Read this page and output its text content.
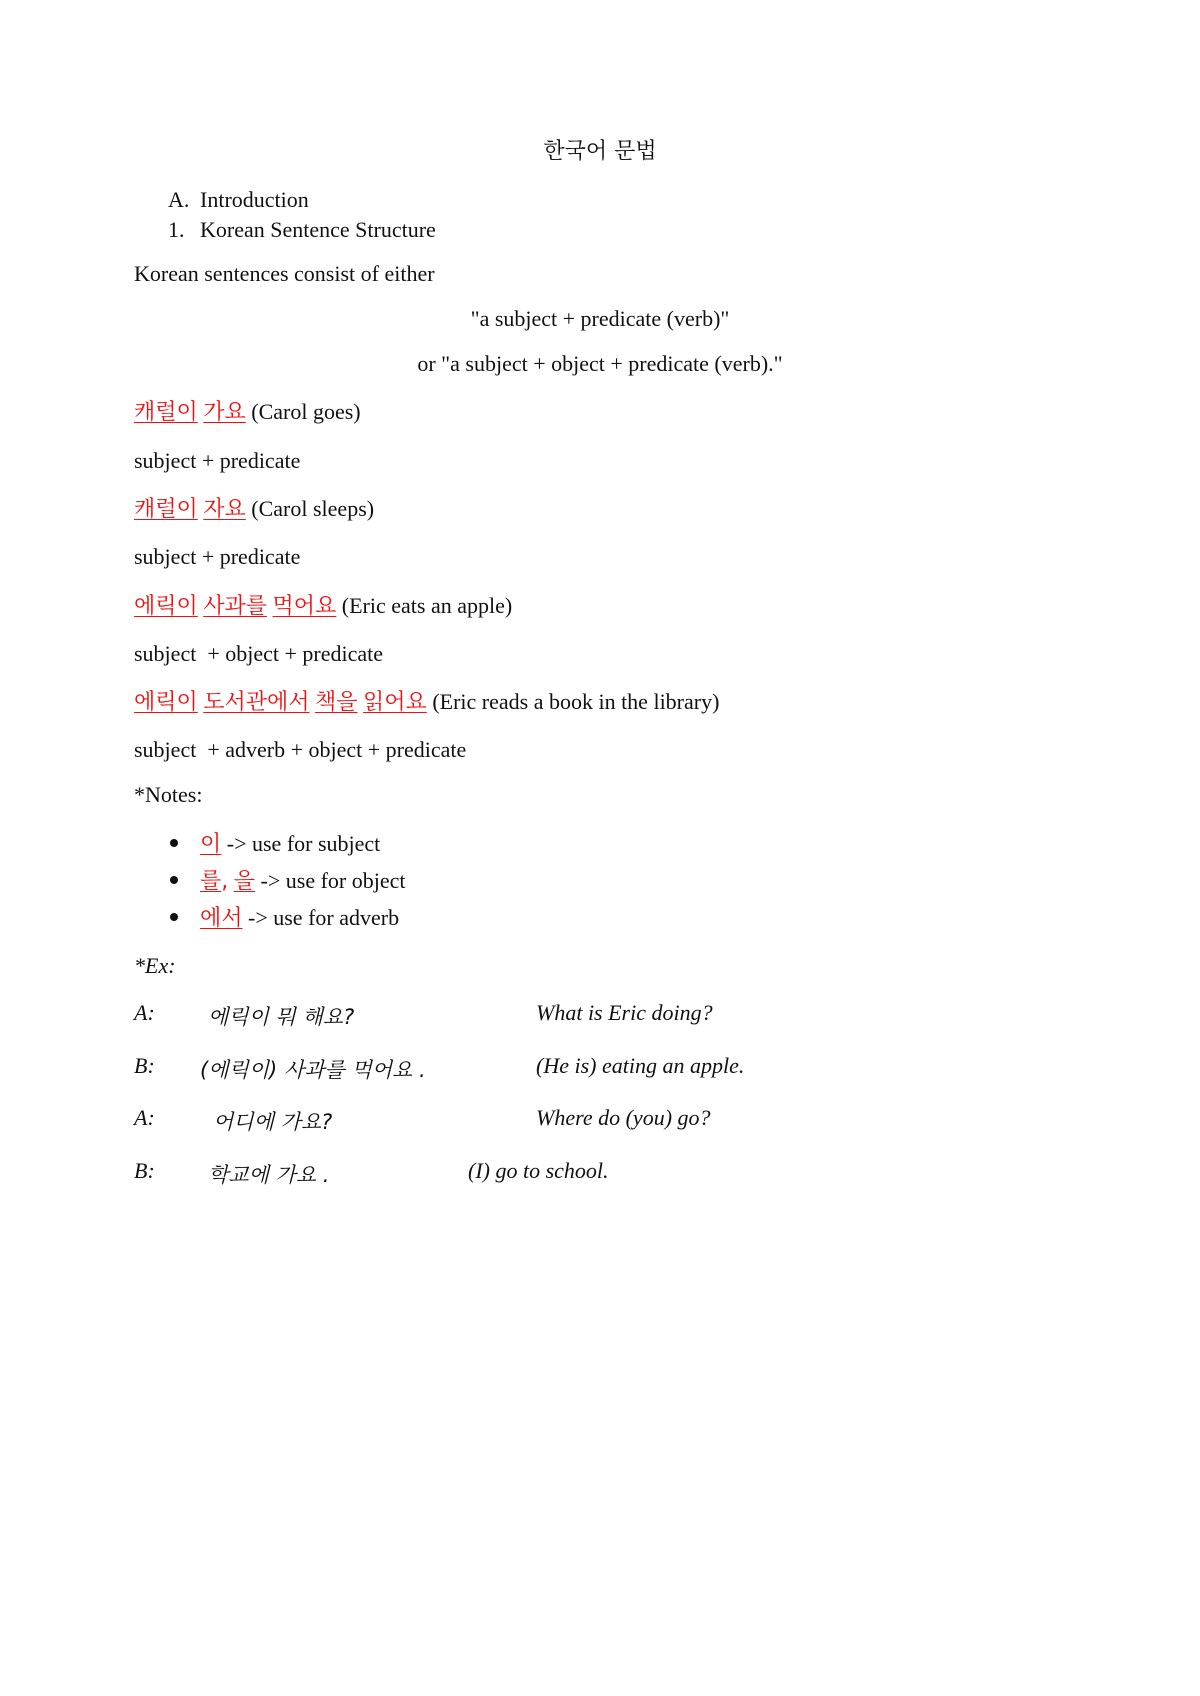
한국어 문법
A. Introduction
1. Korean Sentence Structure
Korean sentences consist of either
"a subject + predicate (verb)"
or "a subject + object + predicate (verb)."
캐럴이 가요 (Carol goes)
subject + predicate
캐럴이 자요 (Carol sleeps)
subject + predicate
에릭이 사과를 먹어요 (Eric eats an apple)
subject  + object + predicate
에릭이 도서관에서 책을 읽어요 (Eric reads a book in the library)
subject  + adverb + object + predicate
*Notes:
이 -> use for subject
를, 을 -> use for object
에서 -> use for adverb
*Ex:
A:	에릭이 뭐 해요?	What is Eric doing?
B: (에릭이) 사과를 먹어요 .	(He is) eating an apple.
A:	어디에 가요?	Where do (you) go?
B:	학교에 가요 .	(I) go to school.
